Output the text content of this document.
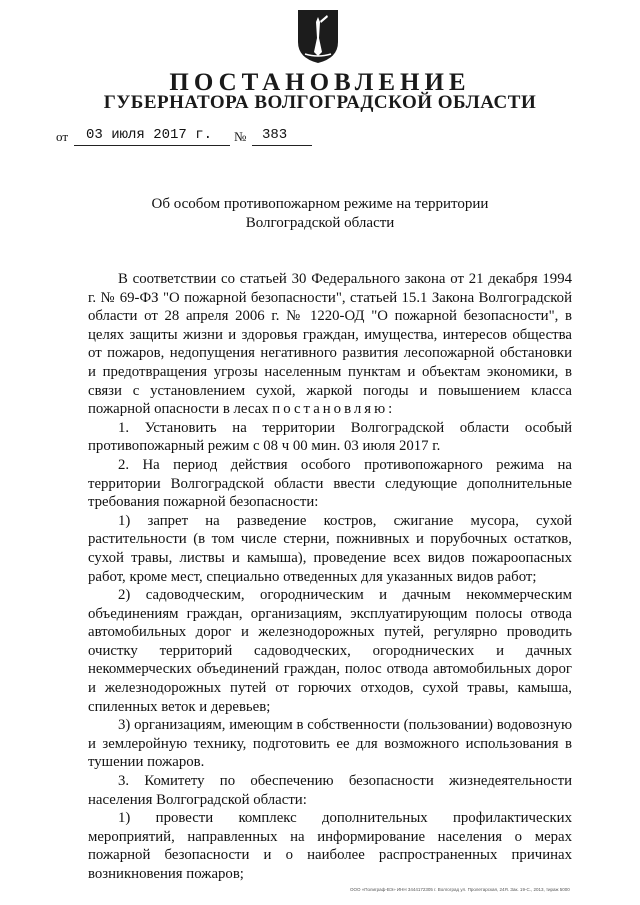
ПОСТАНОВЛЕНИЕ
ГУБЕРНАТОРА ВОЛГОГРАДСКОЙ ОБЛАСТИ
от 03 июля 2017 г. № 383
Об особом противопожарном режиме на территории
Волгоградской области

В соответствии со статьей 30 Федерального закона от 21 декабря 1994 г. № 69-ФЗ "О пожарной безопасности", статьей 15.1 Закона Волгоградской области от 28 апреля 2006 г. № 1220-ОД "О пожарной безопасности", в целях защиты жизни и здоровья граждан, имущества, интересов общества от пожаров, недопущения негативного развития лесопожарной обстановки и предотвращения угрозы населенным пунктам и объектам экономики, в связи с установлением сухой, жаркой погоды и повышением класса пожарной опасности в лесах постановляю:

1. Установить на территории Волгоградской области особый противопожарный режим с 08 ч 00 мин. 03 июля 2017 г.

2. На период действия особого противопожарного режима на территории Волгоградской области ввести следующие дополнительные требования пожарной безопасности:

1) запрет на разведение костров, сжигание мусора, сухой растительности (в том числе стерни, пожнивных и порубочных остатков, сухой травы, листвы и камыша), проведение всех видов пожароопасных работ, кроме мест, специально отведенных для указанных видов работ;

2) садоводческим, огородническим и дачным некоммерческим объединениям граждан, организациям, эксплуатирующим полосы отвода автомобильных дорог и железнодорожных путей, регулярно проводить очистку территорий садоводческих, огороднических и дачных некоммерческих объединений граждан, полос отвода автомобильных дорог и железнодорожных путей от горючих отходов, сухой травы, камыша, спиленных веток и деревьев;

3) организациям, имеющим в собственности (пользовании) водовозную и землеройную технику, подготовить ее для возможного использования в тушении пожаров.

3. Комитету по обеспечению безопасности жизнедеятельности населения Волгоградской области:

1) провести комплекс дополнительных профилактических мероприятий, направленных на информирование населения о мерах пожарной безопасности и о наиболее распространенных причинах возникновения пожаров;

ООО «Полиграф-ВЭ» ИНН 3444172305 г. Волгоград ул. Пролетарская, 24Я. Зак. 19-С., 2013, тираж 5000
